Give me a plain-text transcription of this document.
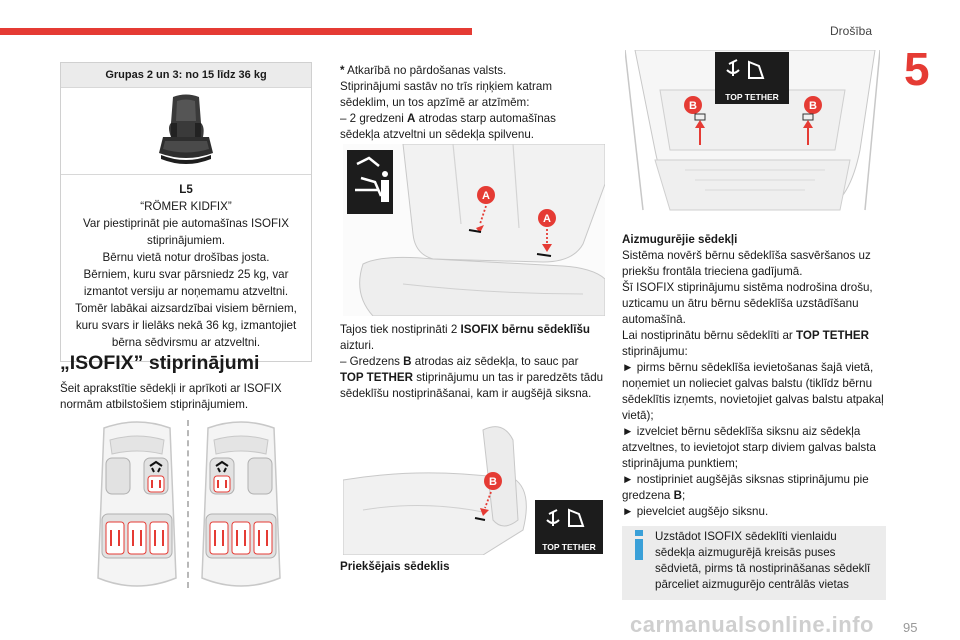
Drošība
5
95
carmanualsonline.info
Grupas 2 un 3: no 15 līdz 36 kg
L5
“RÖMER KIDFIX”
Var piestiprināt pie automašīnas ISOFIX stiprinājumiem.
Bērnu vietā notur drošības josta.
Bērniem, kuru svar pārsniedz 25 kg, var izmantot versiju ar noņemamu atzveltni.
Tomēr labākai aizsardzībai visiem bērniem, kuru svars ir lielāks nekā 36 kg, izmantojiet bērna sēdvirsmu ar atzveltni.
„ISOFIX” stiprinājumi
Šeit aprakstītie sēdekļi ir aprīkoti ar ISOFIX normām atbilstošiem stiprinājumiem.
* Atkarībā no pārdošanas valsts.
Stiprinājumi sastāv no trīs riņķiem katram sēdeklim, un tos apzīmē ar atzīmēm:
– 2 gredzeni A atrodas starp automašīnas sēdekļa atzveltni un sēdekļa spilvenu.
A
A
Tajos tiek nostiprināti 2 ISOFIX bērnu sēdeklīšu aizturi.
– Gredzens B atrodas aiz sēdekļa, to sauc par TOP TETHER stiprinājumu un tas ir paredzēts tādu sēdeklīšu nostiprināšanai, kam ir augšējā siksna.
B
TOP TETHER
Priekšējais sēdeklis
TOP TETHER
B	B
Aizmugurējie sēdekļi
Sistēma novērš bērnu sēdeklīša sasvēršanos uz priekšu frontāla trieciena gadījumā.
Šī ISOFIX stiprinājumu sistēma nodrošina drošu, uzticamu un ātru bērnu sēdeklīša uzstādīšanu automašīnā.
Lai nostiprinātu bērnu sēdeklīti ar TOP TETHER stiprinājumu:
► pirms bērnu sēdeklīša ievietošanas šajā vietā, noņemiet un nolieciet galvas balstu (tiklīdz bērnu sēdeklītis izņemts, novietojiet galvas balstu atpakaļ vietā);
► izvelciet bērnu sēdeklīša siksnu aiz sēdekļa atzveltnes, to ievietojot starp diviem galvas balsta stiprinājuma punktiem;
► nostipriniet augšējās siksnas stiprinājumu pie gredzena B;
► pievelciet augšējo siksnu.
Uzstādot ISOFIX sēdeklīti vienlaidu sēdekļa aizmugurējā kreisās puses sēdvietā, pirms tā nostiprināšanas sēdeklī pārceliet aizmugurējo centrālās vietas
